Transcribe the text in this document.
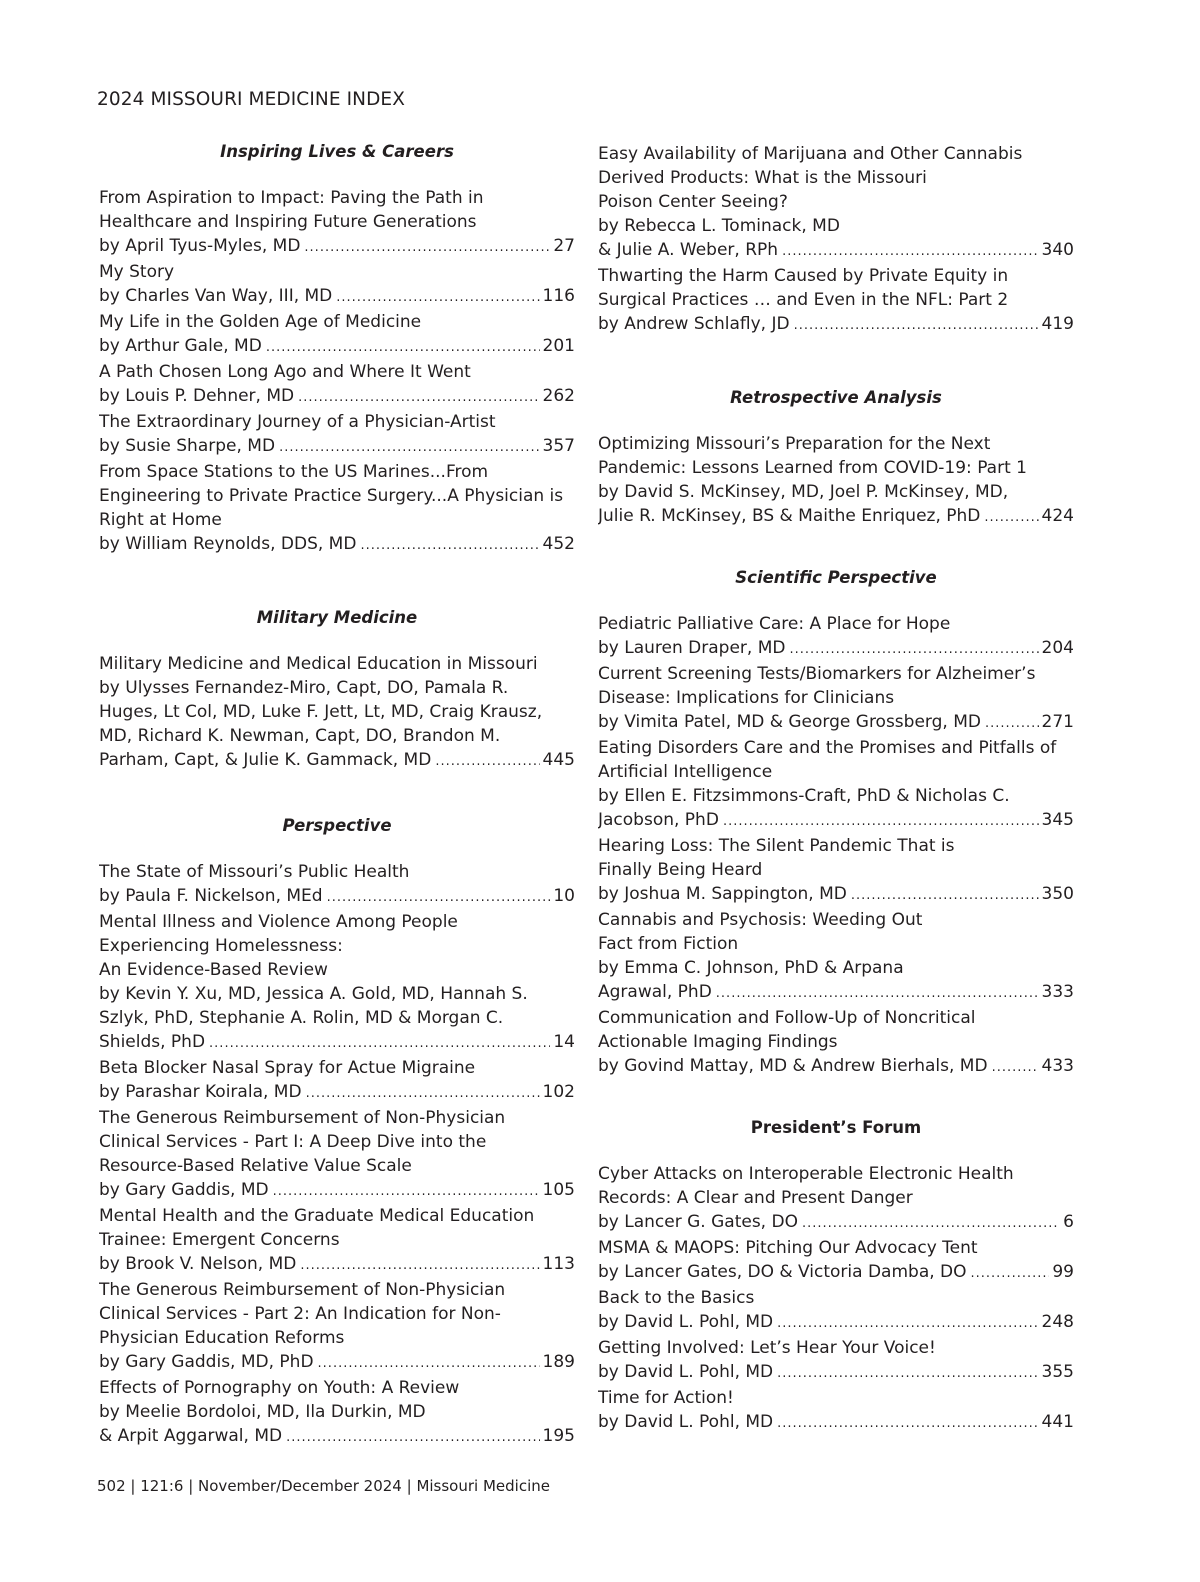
2024 MISSOURI MEDICINE INDEX
Inspiring Lives & Careers
From Aspiration to Impact: Paving the Path in
Healthcare and Inspiring Future Generations
by April Tyus-Myles, MD .....	27
My Story
by Charles Van Way, III, MD .....	116
My Life in the Golden Age of Medicine
by Arthur Gale, MD .....	201
A Path Chosen Long Ago and Where It Went
by Louis P. Dehner, MD .....	262
The Extraordinary Journey of a Physician-Artist
by Susie Sharpe, MD .....	357
From Space Stations to the US Marines...From
Engineering to Private Practice Surgery...A Physician is
Right at Home
by William Reynolds, DDS, MD .....	452
Military Medicine
Military Medicine and Medical Education in Missouri
by Ulysses Fernandez-Miro, Capt, DO, Pamala R.
Huges, Lt Col, MD, Luke F. Jett, Lt, MD, Craig Krausz,
MD, Richard K. Newman, Capt, DO, Brandon M.
Parham, Capt, & Julie K. Gammack, MD .....	445
Perspective
The State of Missouri’s Public Health
by Paula F. Nickelson, MEd .....	10
Mental Illness and Violence Among People
Experiencing Homelessness:
An Evidence-Based Review
by Kevin Y. Xu, MD, Jessica A. Gold, MD, Hannah S.
Szlyk, PhD, Stephanie A. Rolin, MD & Morgan C.
Shields, PhD .....	14
Beta Blocker Nasal Spray for Actue Migraine
by Parashar Koirala, MD .....	102
The Generous Reimbursement of Non-Physician
Clinical Services - Part I: A Deep Dive into the
Resource-Based Relative Value Scale
by Gary Gaddis, MD .....	105
Mental Health and the Graduate Medical Education
Trainee: Emergent Concerns
by Brook V. Nelson, MD .....	113
The Generous Reimbursement of Non-Physician
Clinical Services - Part 2: An Indication for Non-
Physician Education Reforms
by Gary Gaddis, MD, PhD .....	189
Effects of Pornography on Youth: A Review
by Meelie Bordoloi, MD, Ila Durkin, MD
& Arpit Aggarwal, MD .....	195
Easy Availability of Marijuana and Other Cannabis
Derived Products: What is the Missouri
Poison Center Seeing?
by Rebecca L. Tominack, MD
& Julie A. Weber, RPh .....	340
Thwarting the Harm Caused by Private Equity in
Surgical Practices … and Even in the NFL: Part 2
by Andrew Schlafly, JD .....	419
Retrospective Analysis
Optimizing Missouri’s Preparation for the Next
Pandemic: Lessons Learned from COVID-19: Part 1
by David S. McKinsey, MD, Joel P. McKinsey, MD,
Julie R. McKinsey, BS & Maithe Enriquez, PhD .....	424
Scientific Perspective
Pediatric Palliative Care: A Place for Hope
by Lauren Draper, MD .....	204
Current Screening Tests/Biomarkers for Alzheimer’s
Disease: Implications for Clinicians
by Vimita Patel, MD & George Grossberg, MD .....	271
Eating Disorders Care and the Promises and Pitfalls of
Artificial Intelligence
by Ellen E. Fitzsimmons-Craft, PhD & Nicholas C.
Jacobson, PhD .....	345
Hearing Loss: The Silent Pandemic That is
Finally Being Heard
by Joshua M. Sappington, MD .....	350
Cannabis and Psychosis: Weeding Out
Fact from Fiction
by Emma C. Johnson, PhD & Arpana
Agrawal, PhD .....	333
Communication and Follow-Up of Noncritical
Actionable Imaging Findings
by Govind Mattay, MD & Andrew Bierhals, MD .....	433
President’s Forum
Cyber Attacks on Interoperable Electronic Health
Records: A Clear and Present Danger
by Lancer G. Gates, DO .....	6
MSMA & MAOPS: Pitching Our Advocacy Tent
by Lancer Gates, DO & Victoria Damba, DO .....	99
Back to the Basics
by David L. Pohl, MD .....	248
Getting Involved: Let’s Hear Your Voice!
by David L. Pohl, MD .....	355
Time for Action!
by David L. Pohl, MD .....	441
502 | 121:6 | November/December 2024 | Missouri Medicine
